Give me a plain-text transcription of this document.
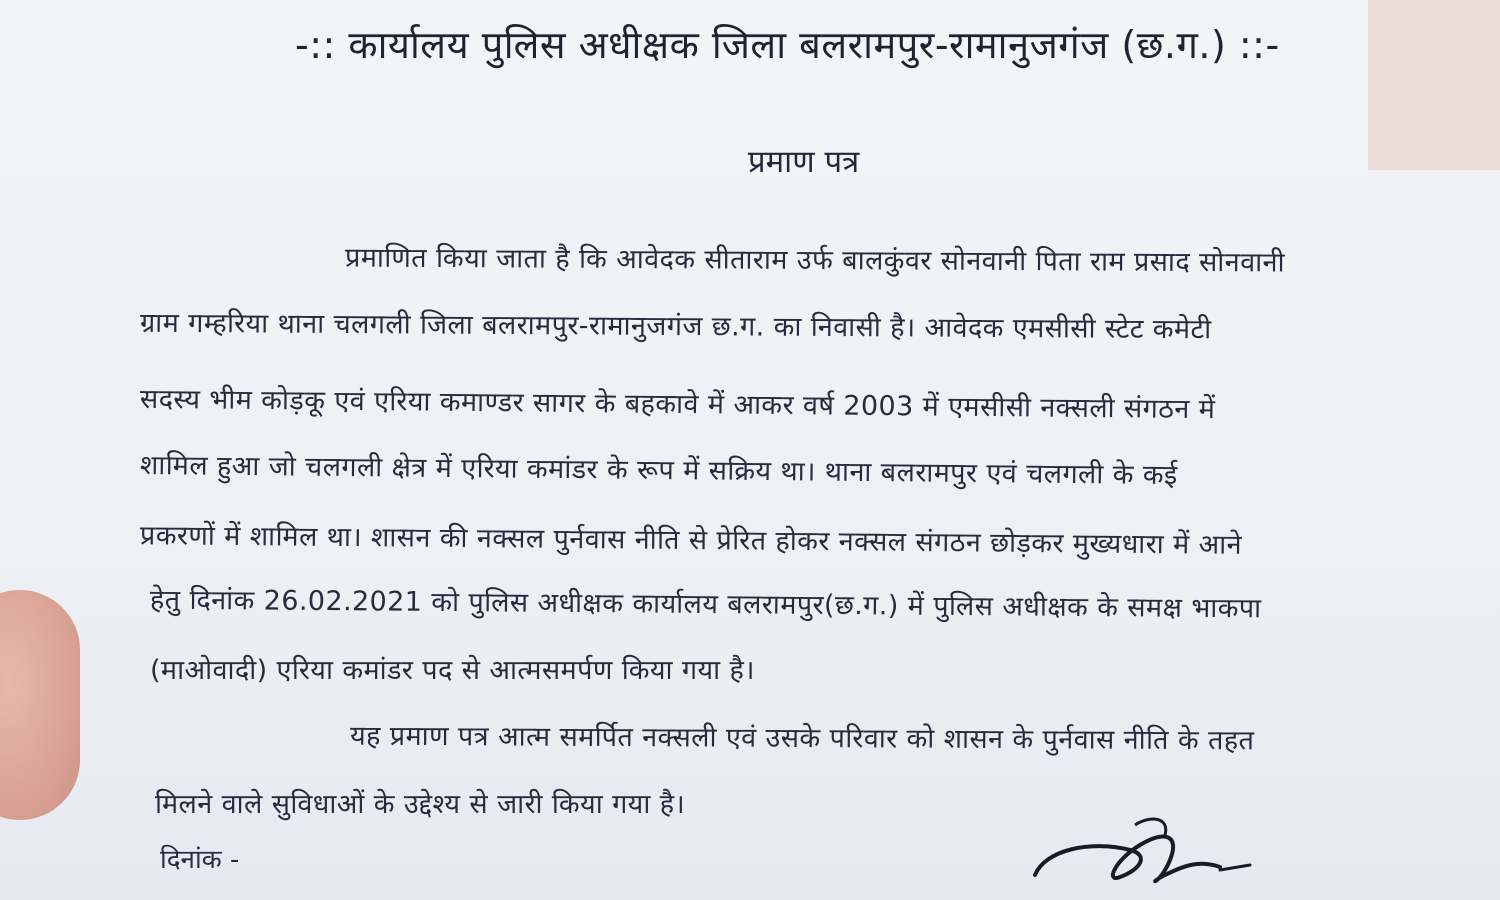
-:: कार्यालय पुलिस अधीक्षक जिला बलरामपुर-रामानुजगंज (छ.ग.) ::-
प्रमाण पत्र
प्रमाणित किया जाता है कि आवेदक सीताराम उर्फ बालकुंवर सोनवानी पिता राम प्रसाद सोनवानी
ग्राम गम्हरिया थाना चलगली जिला बलरामपुर-रामानुजगंज छ.ग. का निवासी है। आवेदक एमसीसी स्टेट कमेटी
सदस्य भीम कोड़कू एवं एरिया कमाण्डर सागर के बहकावे में आकर वर्ष 2003 में एमसीसी नक्सली संगठन में
शामिल हुआ जो चलगली क्षेत्र में एरिया कमांडर के रूप में सक्रिय था। थाना बलरामपुर एवं चलगली के कई
प्रकरणों में शामिल था। शासन की नक्सल पुर्नवास नीति से प्रेरित होकर नक्सल संगठन छोड़कर मुख्यधारा में आने
हेतु दिनांक 26.02.2021 को पुलिस अधीक्षक कार्यालय बलरामपुर(छ.ग.) में पुलिस अधीक्षक के समक्ष भाकपा
(माओवादी) एरिया कमांडर पद से आत्मसमर्पण किया गया है।
यह प्रमाण पत्र आत्म समर्पित नक्सली एवं उसके परिवार को शासन के पुर्नवास नीति के तहत
मिलने वाले सुविधाओं के उद्देश्य से जारी किया गया है।
दिनांक -
